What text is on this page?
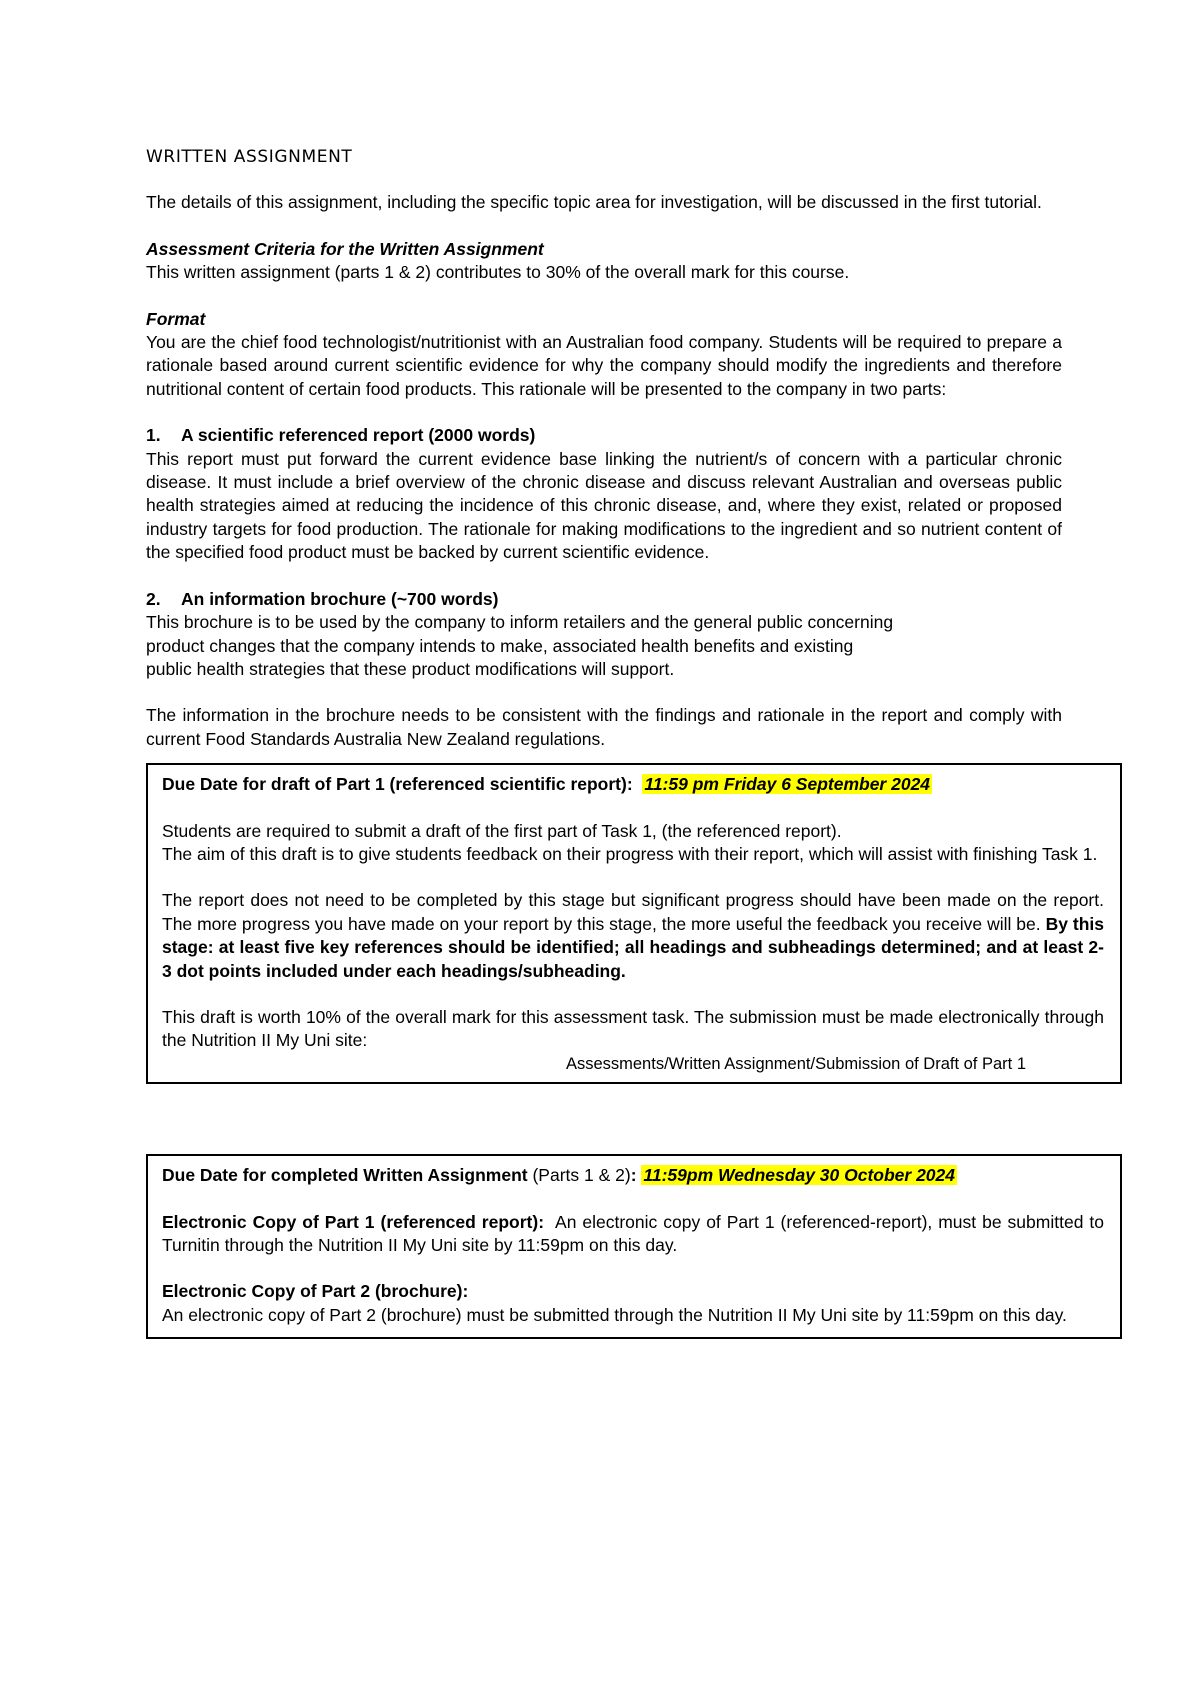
WRITTEN ASSIGNMENT

The details of this assignment, including the specific topic area for investigation, will be discussed in the first tutorial.

Assessment Criteria for the Written Assignment

This written assignment (parts 1 & 2) contributes to 30% of the overall mark for this course.

Format

You are the chief food technologist/nutritionist with an Australian food company. Students will be required to prepare a rationale based around current scientific evidence for why the company should modify the ingredients and therefore nutritional content of certain food products. This rationale will be presented to the company in two parts:

1. A scientific referenced report (2000 words)

This report must put forward the current evidence base linking the nutrient/s of concern with a particular chronic disease. It must include a brief overview of the chronic disease and discuss relevant Australian and overseas public health strategies aimed at reducing the incidence of this chronic disease, and, where they exist, related or proposed industry targets for food production. The rationale for making modifications to the ingredient and so nutrient content of the specified food product must be backed by current scientific evidence.

2. An information brochure (~700 words)

This brochure is to be used by the company to inform retailers and the general public concerning

product changes that the company intends to make, associated health benefits and existing

public health strategies that these product modifications will support.

The information in the brochure needs to be consistent with the findings and rationale in the report and comply with current Food Standards Australia New Zealand regulations.

Due Date for draft of Part 1 (referenced scientific report): 11:59 pm Friday 6 September 2024

Students are required to submit a draft of the first part of Task 1, (the referenced report).

The aim of this draft is to give students feedback on their progress with their report, which will assist with finishing Task 1.

The report does not need to be completed by this stage but significant progress should have been made on the report. The more progress you have made on your report by this stage, the more useful the feedback you receive will be. By this stage: at least five key references should be identified; all headings and subheadings determined; and at least 2-3 dot points included under each headings/subheading.

This draft is worth 10% of the overall mark for this assessment task. The submission must be made electronically through the Nutrition II My Uni site:

Assessments/Written Assignment/Submission of Draft of Part 1

Due Date for completed Written Assignment (Parts 1 & 2): 11:59pm Wednesday 30 October 2024

Electronic Copy of Part 1 (referenced report): An electronic copy of Part 1 (referenced-report), must be submitted to Turnitin through the Nutrition II My Uni site by 11:59pm on this day.

Electronic Copy of Part 2 (brochure):

An electronic copy of Part 2 (brochure) must be submitted through the Nutrition II My Uni site by 11:59pm on this day.
